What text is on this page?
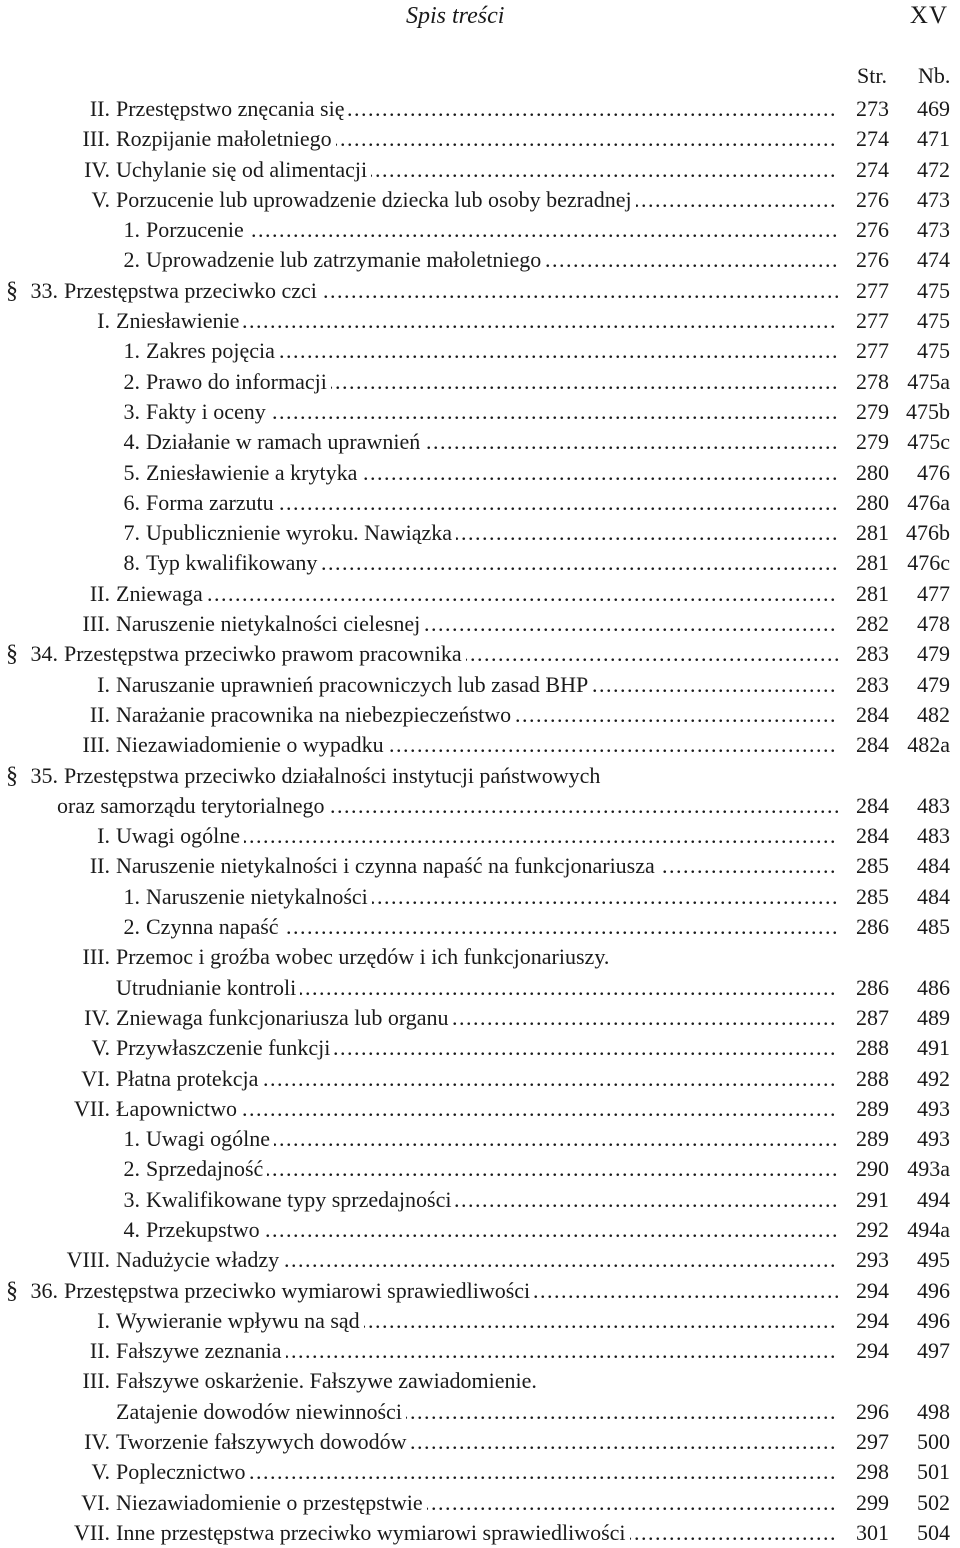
Spis treści	XV
Str. Nb.
II. Przestępstwo znęcania się .....	273	469
III. Rozpijanie małoletniego .....	274	471
IV. Uchylanie się od alimentacji .....	274	472
V. Porzucenie lub uprowadzenie dziecka lub osoby bezradnej .....	276	473
1. Porzucenie .....	276	473
2. Uprowadzenie lub zatrzymanie małoletniego .....	276	474
§ 33. Przestępstwa przeciwko czci .....	277	475
I. Zniesławienie .....	277	475
1. Zakres pojęcia .....	277	475
2. Prawo do informacji .....	278 475a
3. Fakty i oceny .....	279 475b
4. Działanie w ramach uprawnień .....	279 475c
5. Zniesławienie a krytyka .....	280	476
6. Forma zarzutu .....	280 476a
7. Upublicznienie wyroku. Nawiązka .....	281 476b
8. Typ kwalifikowany .....	281 476c
II. Zniewaga .....	281	477
III. Naruszenie nietykalności cielesnej .....	282	478
§ 34. Przestępstwa przeciwko prawom pracownika .....	283	479
I. Naruszanie uprawnień pracowniczych lub zasad BHP .....	283	479
II. Narażanie pracownika na niebezpieczeństwo .....	284	482
III. Niezawiadomienie o wypadku .....	284 482a
§ 35. Przestępstwa przeciwko działalności instytucji państwowych
oraz samorządu terytorialnego .....	284	483
I. Uwagi ogólne .....	284	483
II. Naruszenie nietykalności i czynna napaść na funkcjonariusza .....	285	484
1. Naruszenie nietykalności .....	285	484
2. Czynna napaść .....	286	485
III. Przemoc i groźba wobec urzędów i ich funkcjonariuszy.
Utrudnianie kontroli .....	286	486
IV. Zniewaga funkcjonariusza lub organu .....	287	489
V. Przywłaszczenie funkcji .....	288	491
VI. Płatna protekcja .....	288	492
VII. Łapownictwo .....	289	493
1. Uwagi ogólne .....	289	493
2. Sprzedajność .....	290 493a
3. Kwalifikowane typy sprzedajności .....	291	494
4. Przekupstwo .....	292 494a
VIII. Nadużycie władzy .....	293	495
§ 36. Przestępstwa przeciwko wymiarowi sprawiedliwości .....	294	496
I. Wywieranie wpływu na sąd .....	294	496
II. Fałszywe zeznania .....	294	497
III. Fałszywe oskarżenie. Fałszywe zawiadomienie.
Zatajenie dowodów niewinności .....	296	498
IV. Tworzenie fałszywych dowodów .....	297	500
V. Poplecznictwo .....	298	501
VI. Niezawiadomienie o przestępstwie .....	299	502
VII. Inne przestępstwa przeciwko wymiarowi sprawiedliwości .....	301	504
